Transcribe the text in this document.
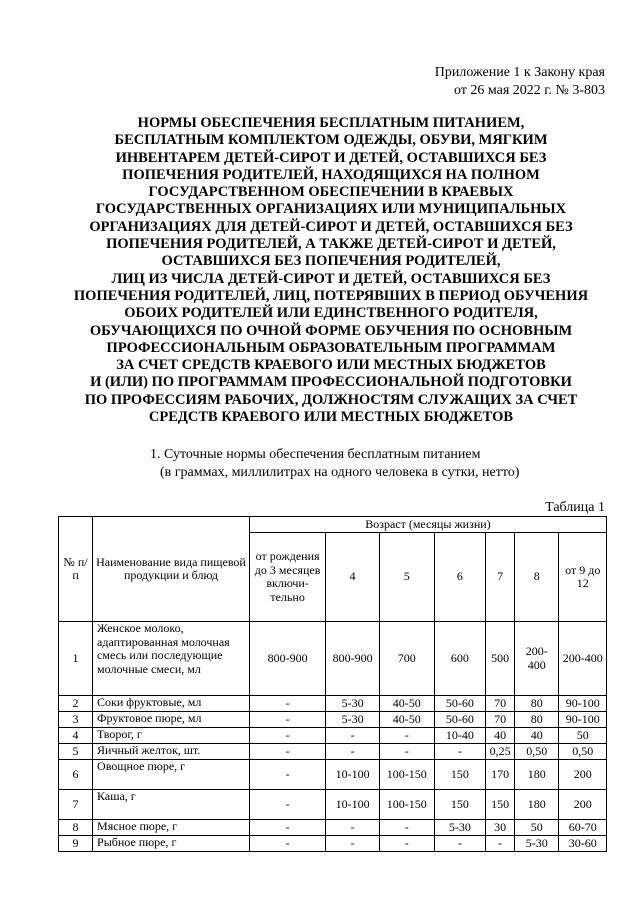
Приложение 1 к Закону края
от 26 мая 2022 г. № 3-803
НОРМЫ ОБЕСПЕЧЕНИЯ БЕСПЛАТНЫМ ПИТАНИЕМ,
БЕСПЛАТНЫМ КОМПЛЕКТОМ ОДЕЖДЫ, ОБУВИ, МЯГКИМ
ИНВЕНТАРЕМ ДЕТЕЙ-СИРОТ И ДЕТЕЙ, ОСТАВШИХСЯ БЕЗ
ПОПЕЧЕНИЯ РОДИТЕЛЕЙ, НАХОДЯЩИХСЯ НА ПОЛНОМ
ГОСУДАРСТВЕННОМ ОБЕСПЕЧЕНИИ В КРАЕВЫХ
ГОСУДАРСТВЕННЫХ ОРГАНИЗАЦИЯХ ИЛИ МУНИЦИПАЛЬНЫХ
ОРГАНИЗАЦИЯХ ДЛЯ ДЕТЕЙ-СИРОТ И ДЕТЕЙ, ОСТАВШИХСЯ БЕЗ
ПОПЕЧЕНИЯ РОДИТЕЛЕЙ, А ТАКЖЕ ДЕТЕЙ-СИРОТ И ДЕТЕЙ,
ОСТАВШИХСЯ БЕЗ ПОПЕЧЕНИЯ РОДИТЕЛЕЙ,
ЛИЦ ИЗ ЧИСЛА ДЕТЕЙ-СИРОТ И ДЕТЕЙ, ОСТАВШИХСЯ БЕЗ
ПОПЕЧЕНИЯ РОДИТЕЛЕЙ, ЛИЦ, ПОТЕРЯВШИХ В ПЕРИОД ОБУЧЕНИЯ
ОБОИХ РОДИТЕЛЕЙ ИЛИ ЕДИНСТВЕННОГО РОДИТЕЛЯ,
ОБУЧАЮЩИХСЯ ПО ОЧНОЙ ФОРМЕ ОБУЧЕНИЯ ПО ОСНОВНЫМ
ПРОФЕССИОНАЛЬНЫМ ОБРАЗОВАТЕЛЬНЫМ ПРОГРАММАМ
ЗА СЧЕТ СРЕДСТВ КРАЕВОГО ИЛИ МЕСТНЫХ БЮДЖЕТОВ
И (ИЛИ) ПО ПРОГРАММАМ ПРОФЕССИОНАЛЬНОЙ ПОДГОТОВКИ
ПО ПРОФЕССИЯМ РАБОЧИХ, ДОЛЖНОСТЯМ СЛУЖАЩИХ ЗА СЧЕТ
СРЕДСТВ КРАЕВОГО ИЛИ МЕСТНЫХ БЮДЖЕТОВ
1. Суточные нормы обеспечения бесплатным питанием
(в граммах, миллилитрах на одного человека в сутки, нетто)
Таблица 1
№ п/п	Наименование вида пищевой продукции и блюд	Возраст (месяцы жизни)						
		от рождения до 3 месяцев включи-тельно	4	5	6	7	8	от 9 до 12
1	Женское молоко, адаптированная молочная смесь или последующие молочные смеси, мл	800-900	800-900	700	600	500	200-400	200-400
2	Соки фруктовые, мл	-	5-30	40-50	50-60	70	80	90-100
3	Фруктовое пюре, мл	-	5-30	40-50	50-60	70	80	90-100
4	Творог, г	-	-	-	10-40	40	40	50
5	Яичный желток, шт.	-	-	-	-	0,25	0,50	0,50
6	Овощное пюре, г	-	10-100	100-150	150	170	180	200
7	Каша, г	-	10-100	100-150	150	150	180	200
8	Мясное пюре, г	-	-	-	5-30	30	50	60-70
9	Рыбное пюре, г	-	-	-	-	-	5-30	30-60
